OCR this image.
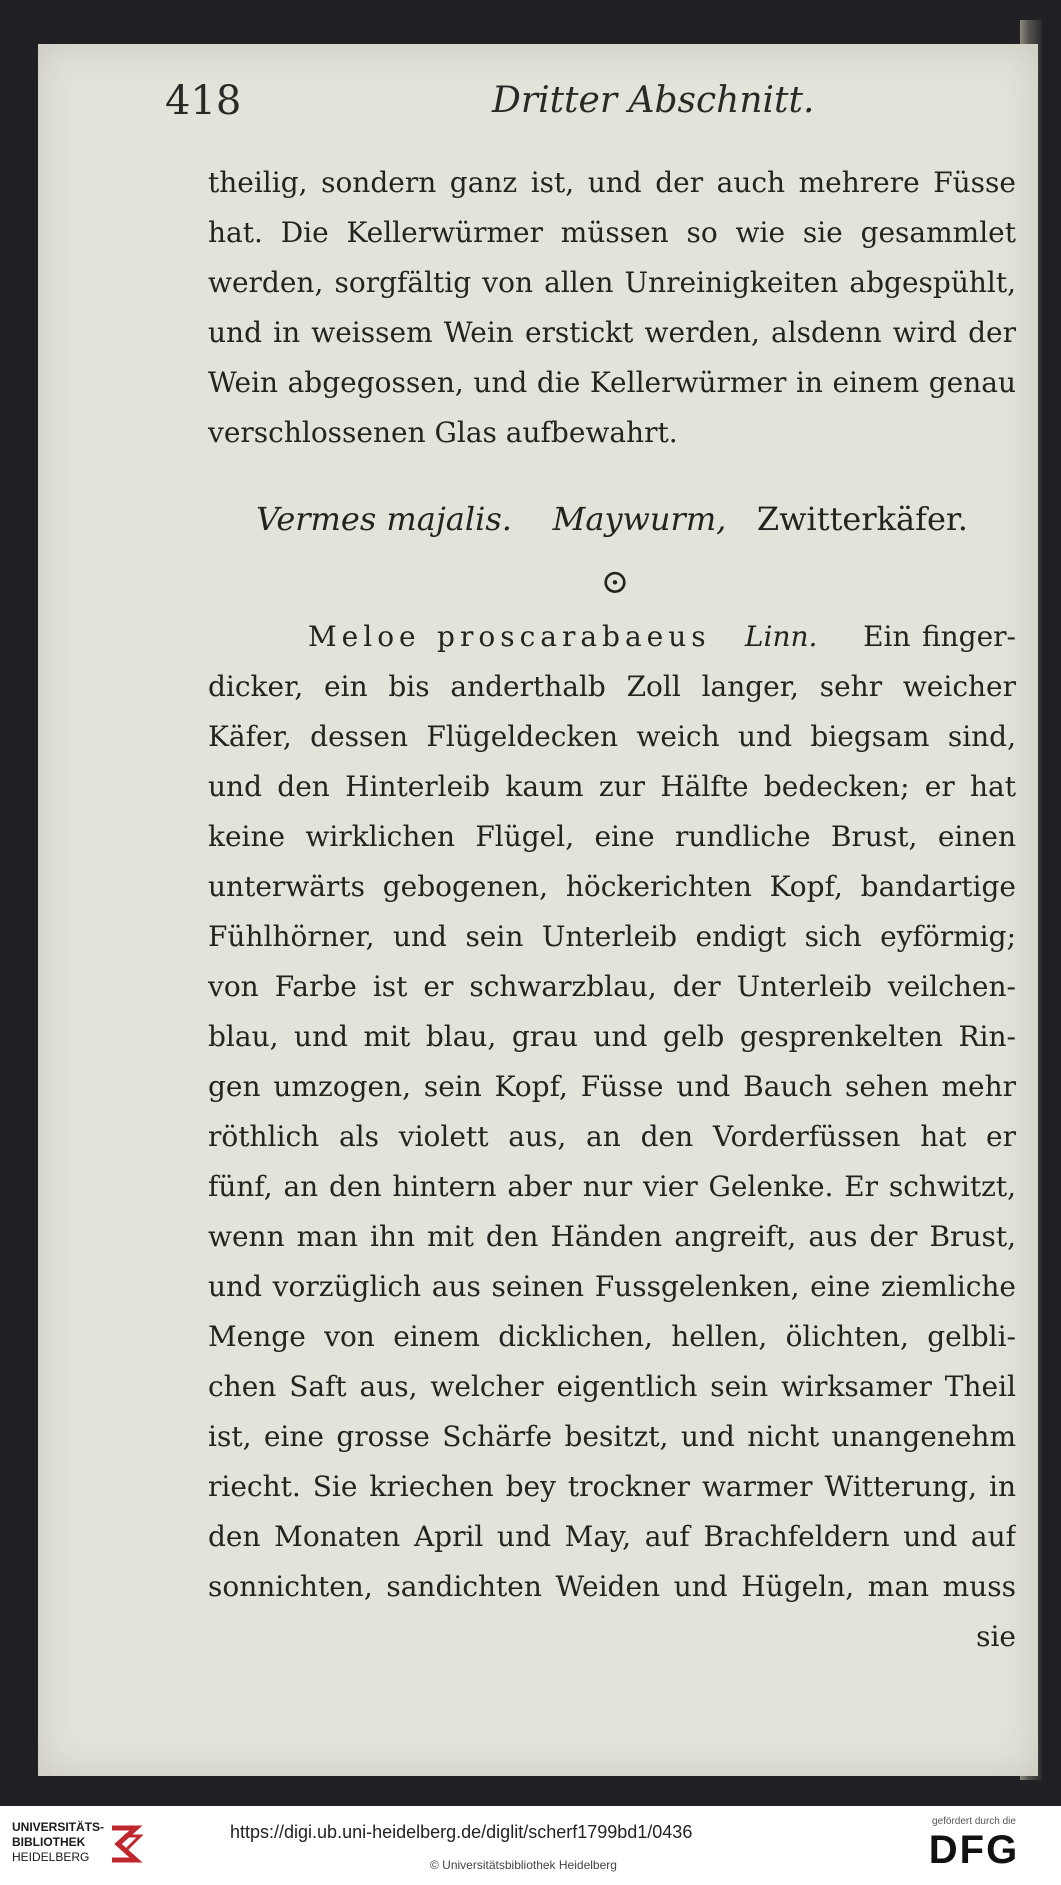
418	Dritter Abschnitt.
theilig, sondern ganz ist, und der auch mehrere Füsse
hat. Die Kellerwürmer müssen so wie sie gesammlet
werden, sorgfältig von allen Unreinigkeiten abgespühlt,
und in weissem Wein erstickt werden, alsdenn wird der
Wein abgegossen, und die Kellerwürmer in einem genau
verschlossenen Glas aufbewahrt.
Vermes majalis. Maywurm, Zwitterkäfer.
⊙
Meloe proscarabaeus Linn. Ein finger-
dicker, ein bis anderthalb Zoll langer, sehr weicher
Käfer, dessen Flügeldecken weich und biegsam sind,
und den Hinterleib kaum zur Hälfte bedecken; er hat
keine wirklichen Flügel, eine rundliche Brust, einen
unterwärts gebogenen, höckerichten Kopf, bandartige
Fühlhörner, und sein Unterleib endigt sich eyförmig;
von Farbe ist er schwarzblau, der Unterleib veilchen-
blau, und mit blau, grau und gelb gesprenkelten Rin-
gen umzogen, sein Kopf, Füsse und Bauch sehen mehr
röthlich als violett aus, an den Vorderfüssen hat er
fünf, an den hintern aber nur vier Gelenke. Er schwitzt,
wenn man ihn mit den Händen angreift, aus der Brust,
und vorzüglich aus seinen Fussgelenken, eine ziemliche
Menge von einem dicklichen, hellen, ölichten, gelbli-
chen Saft aus, welcher eigentlich sein wirksamer Theil
ist, eine grosse Schärfe besitzt, und nicht unangenehm
riecht. Sie kriechen bey trockner warmer Witterung, in
den Monaten April und May, auf Brachfeldern und auf
sonnichten, sandichten Weiden und Hügeln, man muss
sie
UNIVERSITÄTS-
BIBLIOTHEK
HEIDELBERG
https://digi.ub.uni-heidelberg.de/diglit/scherf1799bd1/0436
© Universitätsbibliothek Heidelberg
gefördert durch die
DFG
